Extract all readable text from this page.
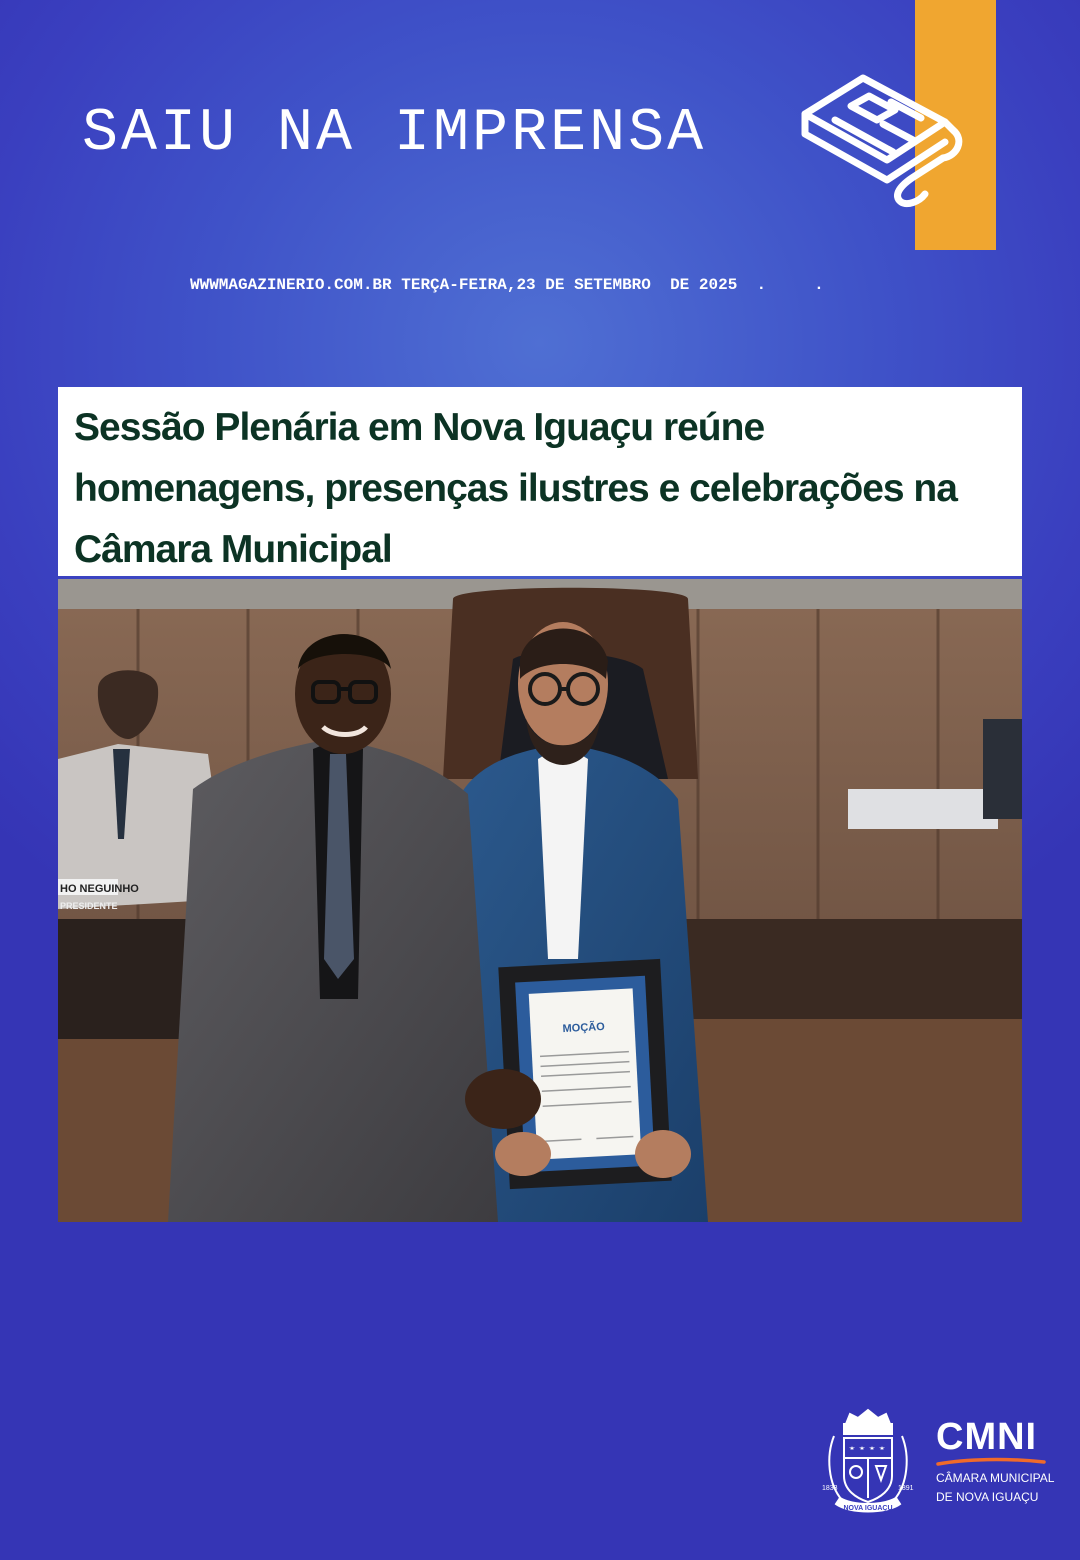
SAIU NA IMPRENSA
WWWMAGAZINERIO.COM.BR TERÇA-FEIRA,23 DE SETEMBRO  DE 2025  .     .
Sessão Plenária em Nova Iguaçu reúne homenagens, presenças ilustres e celebrações na Câmara Municipal
HO NEGUINHO
PRESIDENTE
MOÇÃO
NOVA IGUAÇU
1833	1891
CMNI
CÂMARA MUNICIPAL
DE NOVA IGUAÇU
